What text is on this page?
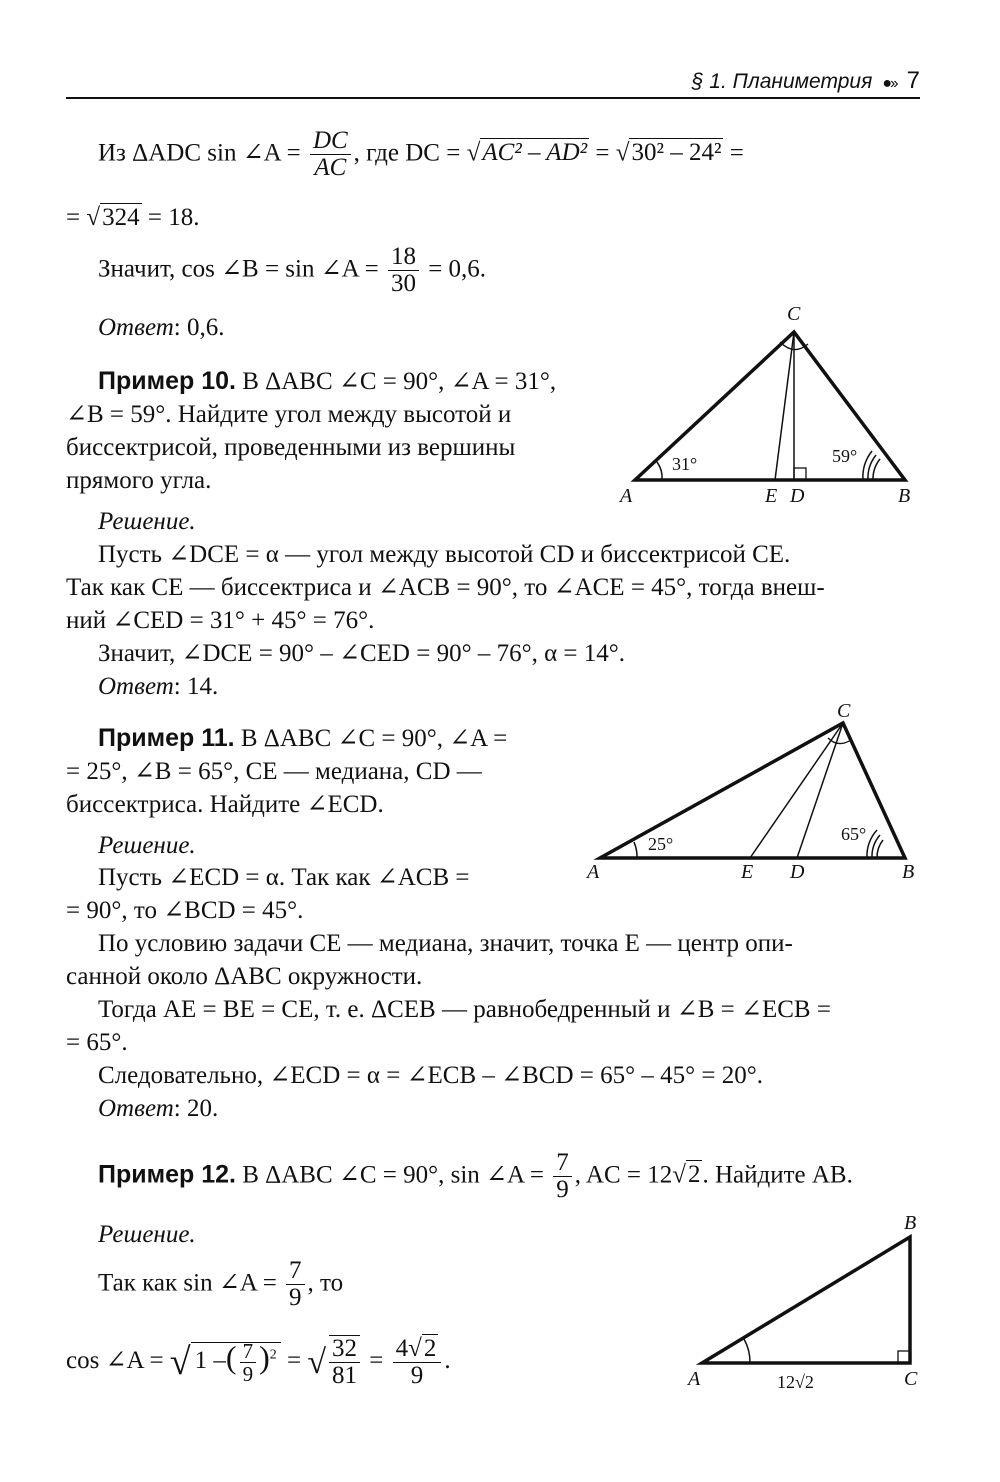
§ 1. Планиметрия ●›› 7
Из ΔADC sin ∠A = $\frac{DC}{AC}$ , где DC = √AC² – AD² = √30² – 24² =
= √324 = 18.
Значит, cos ∠B = sin ∠A = $\frac{18}{30} = 0,6$.
Ответ: 0,6.
Пример 10. В ΔABC ∠C = 90°, ∠A = 31°,
∠B = 59°. Найдите угол между высотой и
биссектрисой, проведенными из вершины
прямого угла.
C
A	E D	B
31°	59°
Решение.
Пусть ∠DCE = α — угол между высотой CD и биссектрисой CE.
Так как CE — биссектриса и ∠ACB = 90°, то ∠ACE = 45°, тогда внеш-
ний ∠CED = 31° + 45° = 76°.
Значит, ∠DCE = 90° – ∠CED = 90° – 76°, α = 14°.
Ответ: 14.
Пример 11. В ΔABC ∠C = 90°, ∠A =
= 25°, ∠B = 65°, CE — медиана, CD —
биссектриса. Найдите ∠ECD.
C
A	E D	B
25°	65°
Решение.
Пусть ∠ECD = α. Так как ∠ACB =
= 90°, то ∠BCD = 45°.
По условию задачи CE — медиана, значит, точка E — центр опи-
санной около ΔABC окружности.
Тогда AE = BE = CE, т. е. ΔCEB — равнобедренный и ∠B = ∠ECB =
= 65°.
Следовательно, ∠ECD = α = ∠ECB – ∠BCD = 65° – 45° = 20°.
Ответ: 20.
Пример 12. В ΔABC ∠C = 90°, sin ∠A = $\frac{7}{9}$ , AC = 12√2. Найдите AB.
Решение.
Так как sin ∠A = $\frac{7}{9}$ , то
cos ∠A = √ 1 –( $\frac{7}{9} )^2$ = √ $\frac{32}{81} = \frac{4√2}{9}$ .
B
A	C
12√2
